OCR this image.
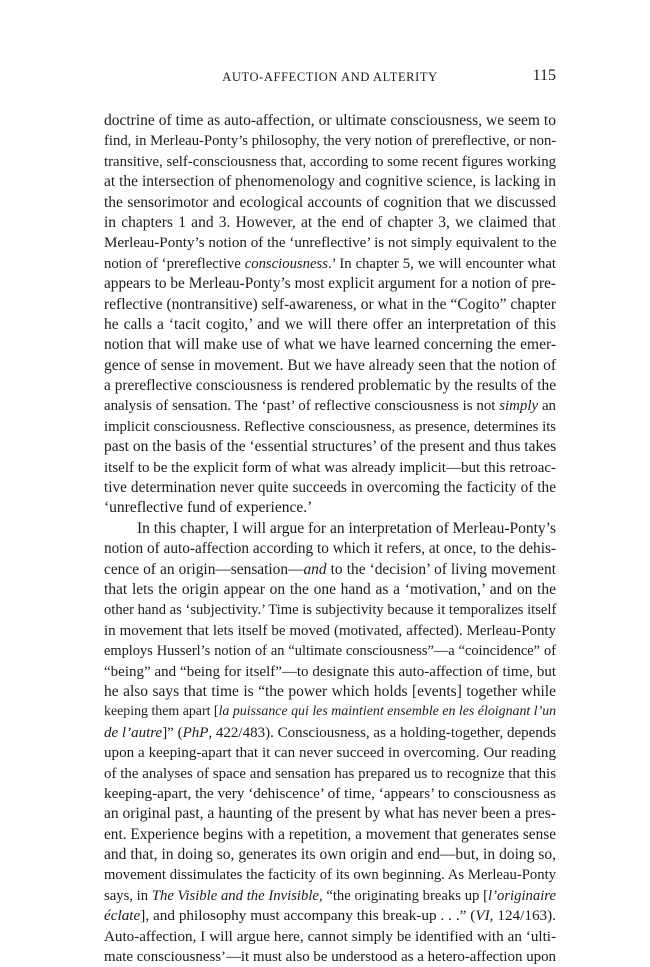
AUTO-AFFECTION AND ALTERITY	115
doctrine of time as auto-affection, or ultimate consciousness, we seem to
find, in Merleau-Ponty’s philosophy, the very notion of prereflective, or non-
transitive, self-consciousness that, according to some recent figures working
at the intersection of phenomenology and cognitive science, is lacking in
the sensorimotor and ecological accounts of cognition that we discussed
in chapters 1 and 3. However, at the end of chapter 3, we claimed that
Merleau-Ponty’s notion of the ‘unreflective’ is not simply equivalent to the
notion of ‘prereflective consciousness.’ In chapter 5, we will encounter what
appears to be Merleau-Ponty’s most explicit argument for a notion of pre-
reflective (nontransitive) self-awareness, or what in the “Cogito” chapter
he calls a ‘tacit cogito,’ and we will there offer an interpretation of this
notion that will make use of what we have learned concerning the emer-
gence of sense in movement. But we have already seen that the notion of
a prereflective consciousness is rendered problematic by the results of the
analysis of sensation. The ‘past’ of reflective consciousness is not simply an
implicit consciousness. Reflective consciousness, as presence, determines its
past on the basis of the ‘essential structures’ of the present and thus takes
itself to be the explicit form of what was already implicit—but this retroac-
tive determination never quite succeeds in overcoming the facticity of the
‘unreflective fund of experience.’
In this chapter, I will argue for an interpretation of Merleau-Ponty’s
notion of auto-affection according to which it refers, at once, to the dehis-
cence of an origin—sensation—and to the ‘decision’ of living movement
that lets the origin appear on the one hand as a ‘motivation,’ and on the
other hand as ‘subjectivity.’ Time is subjectivity because it temporalizes itself
in movement that lets itself be moved (motivated, affected). Merleau-Ponty
employs Husserl’s notion of an “ultimate consciousness”—a “coincidence” of
“being” and “being for itself”—to designate this auto-affection of time, but
he also says that time is “the power which holds [events] together while
keeping them apart [la puissance qui les maintient ensemble en les éloignant l’un
de l’autre]” (PhP, 422/483). Consciousness, as a holding-together, depends
upon a keeping-apart that it can never succeed in overcoming. Our reading
of the analyses of space and sensation has prepared us to recognize that this
keeping-apart, the very ‘dehiscence’ of time, ‘appears’ to consciousness as
an original past, a haunting of the present by what has never been a pres-
ent. Experience begins with a repetition, a movement that generates sense
and that, in doing so, generates its own origin and end—but, in doing so,
movement dissimulates the facticity of its own beginning. As Merleau-Ponty
says, in The Visible and the Invisible, “the originating breaks up [l’originaire
éclate], and philosophy must accompany this break-up . . .” (VI, 124/163).
Auto-affection, I will argue here, cannot simply be identified with an ‘ulti-
mate consciousness’—it must also be understood as a hetero-affection upon
